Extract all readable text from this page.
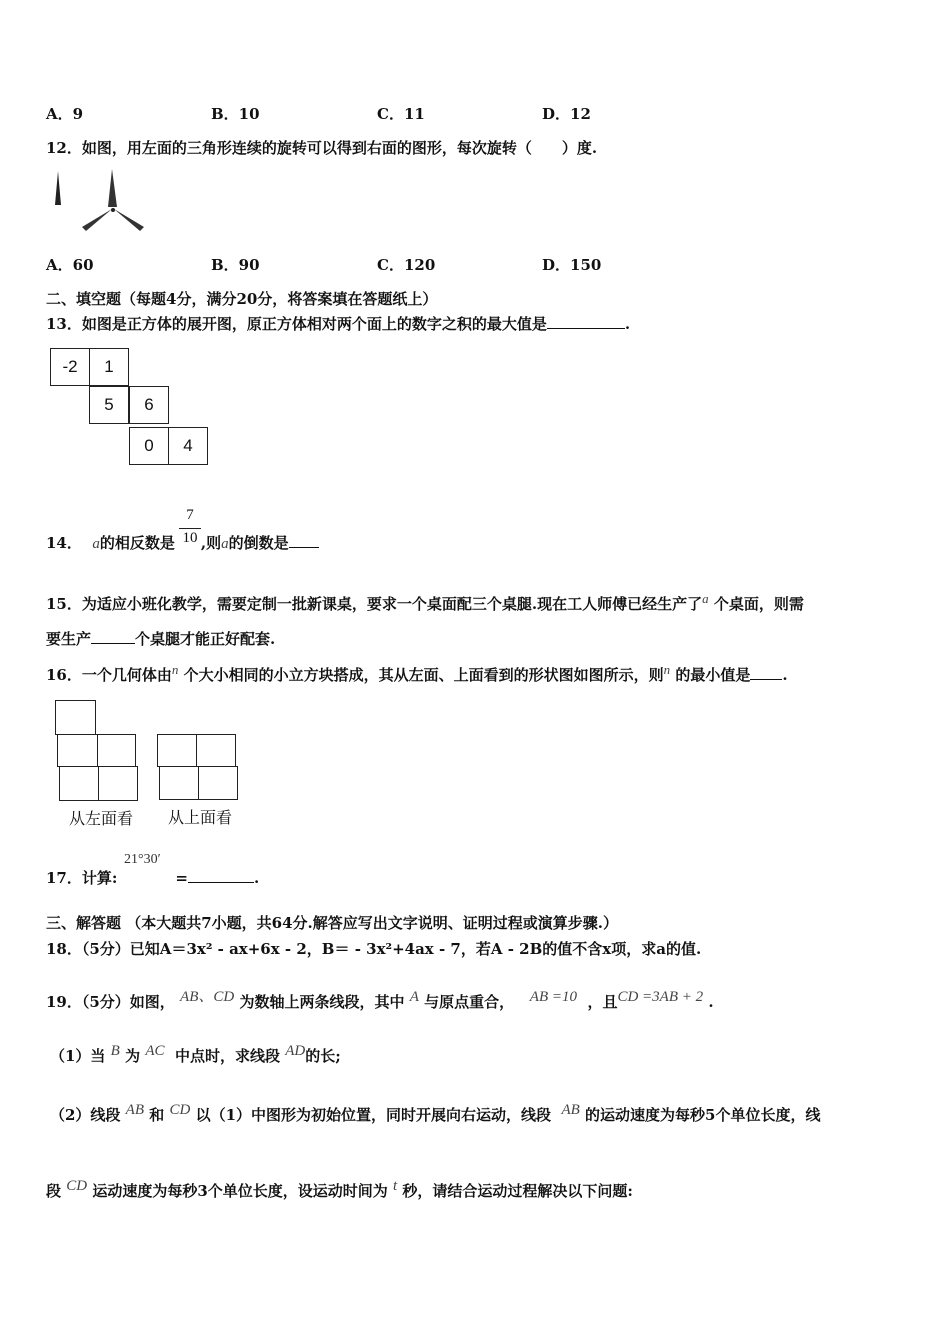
A．9	B．10	C．11	D．12
12．如图，用左面的三角形连续的旋转可以得到右面的图形，每次旋转（　　）度.
A．60	B．90	C．120	D．150
二、填空题（每题4分，满分20分，将答案填在答题纸上）
13．如图是正方体的展开图，原正方体相对两个面上的数字之积的最大值是	.
-2	1
5	6
0	4
14． a的相反数是 ,则a的倒数是
7
10
15．为适应小班化教学，需要定制一批新课桌，要求一个桌面配三个桌腿.现在工人师傅已经生产了$^a$ 个桌面，则需
要生产	个桌腿才能正好配套.
16．一个几何体由$^n$ 个大小相同的小立方块搭成，其从左面、上面看到的形状图如图所示，则$^n$ 的最小值是 .
从左面看 从上面看
17．计算:	=	.
21°30′
三、解答题 （本大题共7小题，共64分.解答应写出文字说明、证明过程或演算步骤.）
18．（5分）已知A＝3x² - ax+6x - 2，B＝ - 3x²+4ax - 7，若A - 2B的值不含x项，求a的值.
19．（5分）如图， $^{AB、CD}$ 为数轴上两条线段，其中 $^A$ 与原点重合， $^{AB =10}$ ，且$^{CD =3AB + 2}$ .
（1）当 $^B$ 为 $^{AC}$ 中点时，求线段 $^{AD}$的长;
（2）线段 $^{AB}$ 和 $^{CD}$ 以（1）中图形为初始位置，同时开展向右运动，线段 $^{AB}$ 的运动速度为每秒5个单位长度，线
段 $^{CD}$ 运动速度为每秒3个单位长度，设运动时间为 $^t$ 秒，请结合运动过程解决以下问题:
